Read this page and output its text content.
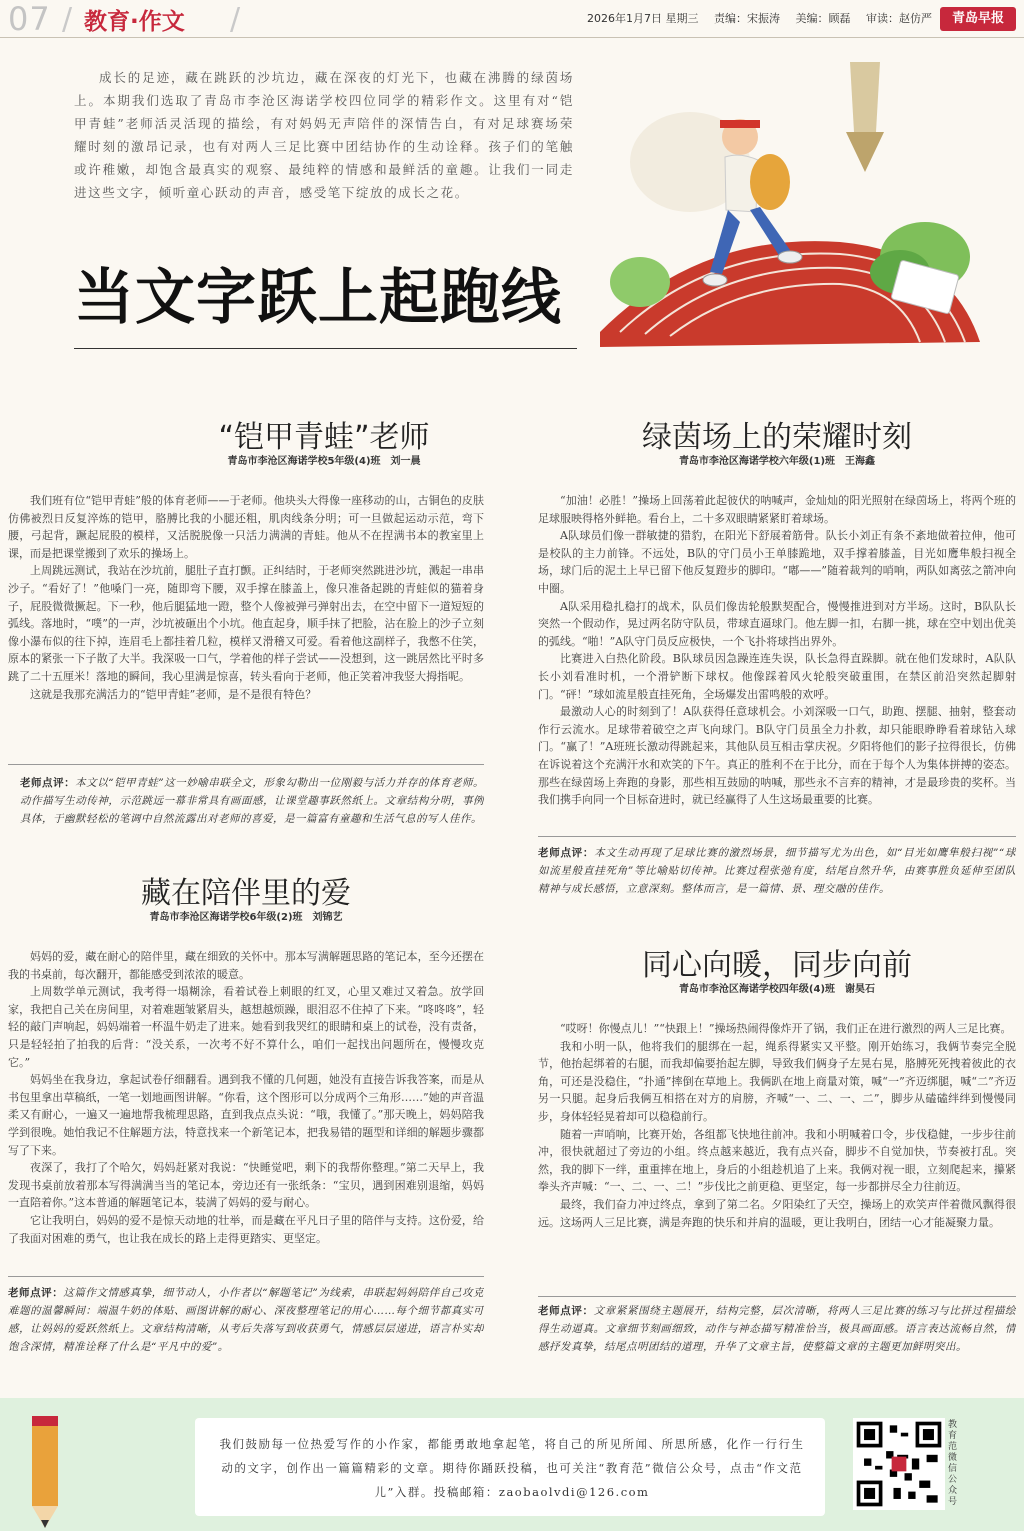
07 / 教育·作文 /	2026年1月7日 星期三 责编：宋振涛 美编：顾磊 审读：赵仿严	青岛早报
成长的足迹，藏在跳跃的沙坑边，藏在深夜的灯光下，也藏在沸腾的绿茵场上。本期我们选取了青岛市李沧区海诺学校四位同学的精彩作文。这里有对“铠甲青蛙”老师活灵活现的描绘，有对妈妈无声陪伴的深情告白，有对足球赛场荣耀时刻的激昂记录，也有对两人三足比赛中团结协作的生动诠释。孩子们的笔触或许稚嫩，却饱含最真实的观察、最纯粹的情感和最鲜活的童趣。让我们一同走进这些文字，倾听童心跃动的声音，感受笔下绽放的成长之花。
当文字跃上起跑线
“铠甲青蛙”老师
青岛市李沧区海诺学校5年级(4)班　刘一晨

我们班有位“铠甲青蛙”般的体育老师——于老师。他块头大得像一座移动的山，古铜色的皮肤仿佛被烈日反复淬炼的铠甲，胳膊比我的小腿还粗，肌肉线条分明；可一旦做起运动示范，弯下腰，弓起背，蹶起屁股的模样，又活脱脱像一只活力满满的青蛙。他从不在捏满书本的教室里上课，而是把课堂搬到了欢乐的操场上。

上周跳远测试，我站在沙坑前，腿肚子直打颤。正纠结时，于老师突然跳进沙坑，溅起一串串沙子。“看好了！”他嗓门一亮，随即弯下腰，双手撑在膝盖上，像只准备起跳的青蛙似的猫着身子，屁股微微撅起。下一秒，他后腿猛地一蹬，整个人像被弹弓弹射出去，在空中留下一道短短的弧线。落地时，“噗”的一声，沙坑被砸出个小坑。他直起身，顺手抹了把脸，沾在脸上的沙子立刻像小瀑布似的往下掉，连眉毛上都挂着几粒，模样又滑稽又可爱。看着他这副样子，我憋不住笑，原本的紧张一下子散了大半。我深吸一口气，学着他的样子尝试——没想到，这一跳居然比平时多跳了二十五厘米！落地的瞬间，我心里满是惊喜，转头看向于老师，他正笑着冲我竖大拇指呢。

这就是我那充满活力的“铠甲青蛙”老师，是不是很有特色？

老师点评：本文以“铠甲青蛙”这一妙喻串联全文，形象勾勒出一位刚毅与活力并存的体育老师。动作描写生动传神，示范跳远一幕非常具有画面感，让课堂趣事跃然纸上。文章结构分明，事例具体，于幽默轻松的笔调中自然流露出对老师的喜爱，是一篇富有童趣和生活气息的写人佳作。
藏在陪伴里的爱
青岛市李沧区海诺学校6年级(2)班　刘锦艺

妈妈的爱，藏在耐心的陪伴里，藏在细致的关怀中。那本写满解题思路的笔记本，至今还摆在我的书桌前，每次翻开，都能感受到浓浓的暖意。

上周数学单元测试，我考得一塌糊涂，看着试卷上刺眼的红叉，心里又难过又着急。放学回家，我把自己关在房间里，对着难题皱紧眉头，越想越烦躁，眼泪忍不住掉了下来。“咚咚咚”，轻轻的敲门声响起，妈妈端着一杯温牛奶走了进来。她看到我哭红的眼睛和桌上的试卷，没有责备，只是轻轻拍了拍我的后背：“没关系，一次考不好不算什么，咱们一起找出问题所在，慢慢攻克它。”

妈妈坐在我身边，拿起试卷仔细翻看。遇到我不懂的几何题，她没有直接告诉我答案，而是从书包里拿出草稿纸，一笔一划地画图讲解。“你看，这个图形可以分成两个三角形……”她的声音温柔又有耐心，一遍又一遍地帮我梳理思路，直到我点点头说：“哦，我懂了。”那天晚上，妈妈陪我学到很晚。她怕我记不住解题方法，特意找来一个新笔记本，把我易错的题型和详细的解题步骤都写了下来。

夜深了，我打了个哈欠，妈妈赶紧对我说：“快睡觉吧，剩下的我帮你整理。”第二天早上，我发现书桌前放着那本写得满满当当的笔记本，旁边还有一张纸条：“宝贝，遇到困难别退缩，妈妈一直陪着你。”这本普通的解题笔记本，装满了妈妈的爱与耐心。

它让我明白，妈妈的爱不是惊天动地的壮举，而是藏在平凡日子里的陪伴与支持。这份爱，给了我面对困难的勇气，也让我在成长的路上走得更踏实、更坚定。

老师点评：这篇作文情感真挚，细节动人，小作者以“解题笔记”为线索，串联起妈妈陪伴自己攻克难题的温馨瞬间：端温牛奶的体贴、画图讲解的耐心、深夜整理笔记的用心……每个细节都真实可感，让妈妈的爱跃然纸上。文章结构清晰，从考后失落写到收获勇气，情感层层递进，语言朴实却饱含深情，精准诠释了什么是“平凡中的爱”。
绿茵场上的荣耀时刻
青岛市李沧区海诺学校六年级(1)班　王海鑫

“加油！必胜！”操场上回荡着此起彼伏的呐喊声，金灿灿的阳光照射在绿茵场上，将两个班的足球服映得格外鲜艳。看台上，二十多双眼睛紧紧盯着球场。

A队球员们像一群敏捷的猎豹，在阳光下舒展着筋骨。队长小刘正有条不紊地做着拉伸，他可是校队的主力前锋。不远处，B队的守门员小王单膝跪地，双手撑着膝盖，目光如鹰隼般扫视全场，球门后的泥土上早已留下他反复蹬步的脚印。“嘟——”随着裁判的哨响，两队如离弦之箭冲向中圈。

A队采用稳扎稳打的战术，队员们像齿轮般默契配合，慢慢推进到对方半场。这时，B队队长突然一个假动作，晃过两名防守队员，带球直逼球门。他左脚一扣，右脚一挑，球在空中划出优美的弧线。“啪！”A队守门员反应极快，一个飞扑将球挡出界外。

比赛进入白热化阶段。B队球员因急躁连连失误，队长急得直跺脚。就在他们发球时，A队队长小刘看准时机，一个滑铲断下球权。他像踩着风火轮般突破重围，在禁区前沿突然起脚射门。“砰！”球如流星般直挂死角，全场爆发出雷鸣般的欢呼。

最激动人心的时刻到了！A队获得任意球机会。小刘深吸一口气，助跑、摆腿、抽射，整套动作行云流水。足球带着破空之声飞向球门。B队守门员虽全力扑救，却只能眼睁睁看着球钻入球门。“赢了！”A班班长激动得跳起来，其他队员互相击掌庆祝。夕阳将他们的影子拉得很长，仿佛在诉说着这个充满汗水和欢笑的下午。真正的胜利不在于比分，而在于每个人为集体拼搏的姿态。那些在绿茵场上奔跑的身影，那些相互鼓励的呐喊，那些永不言弃的精神，才是最珍贵的奖杯。当我们携手向同一个目标奋进时，就已经赢得了人生这场最重要的比赛。

老师点评：本文生动再现了足球比赛的激烈场景，细节描写尤为出色，如“目光如鹰隼般扫视”“球如流星般直挂死角”等比喻贴切传神。比赛过程张弛有度，结尾自然升华，由赛事胜负延伸至团队精神与成长感悟，立意深刻。整体而言，是一篇情、景、理交融的佳作。
同心向暖，同步向前
青岛市李沧区海诺学校四年级(4)班　谢昊石

“哎呀！你慢点儿！”“快跟上！”操场热闹得像炸开了锅，我们正在进行激烈的两人三足比赛。

我和小明一队，他将我们的腿绑在一起，绳系得紧实又平整。刚开始练习，我俩节奏完全脱节，他抬起绑着的右腿，而我却偏要抬起左脚，导致我们俩身子左晃右晃，胳膊死死拽着彼此的衣角，可还是没稳住，“扑通”摔倒在草地上。我俩趴在地上商量对策，喊“一”齐迈绑腿，喊“二”齐迈另一只腿。起身后我俩互相搭在对方的肩膀，齐喊“一、二、一、二”，脚步从磕磕绊绊到慢慢同步，身体轻轻晃着却可以稳稳前行。

随着一声哨响，比赛开始，各组都飞快地往前冲。我和小明喊着口令，步伐稳健，一步步往前冲，很快就超过了旁边的小组。终点越来越近，我有点兴奋，脚步不自觉加快，节奏被打乱。突然，我的脚下一绊，重重摔在地上，身后的小组趁机追了上来。我俩对视一眼，立刻爬起来，攥紧拳头齐声喊：“一、二、一、二！”步伐比之前更稳、更坚定，每一步都拼尽全力往前迈。

最终，我们奋力冲过终点，拿到了第二名。夕阳染红了天空，操场上的欢笑声伴着微风飘得很远。这场两人三足比赛，满是奔跑的快乐和并肩的温暖，更让我明白，团结一心才能凝聚力量。

老师点评：文章紧紧围绕主题展开，结构完整，层次清晰，将两人三足比赛的练习与比拼过程描绘得生动逼真。文章细节刻画细致，动作与神态描写精准恰当，极具画面感。语言表达流畅自然，情感抒发真挚，结尾点明团结的道理，升华了文章主旨，使整篇文章的主题更加鲜明突出。
我们鼓励每一位热爱写作的小作家，都能勇敢地拿起笔，将自己的所见所闻、所思所感，化作一行行生动的文字，创作出一篇篇精彩的文章。期待你踊跃投稿，也可关注“教育范”微信公众号，点击“作文范儿”入群。投稿邮箱：zaobaolvdi@126.com
教育范微信公众号
